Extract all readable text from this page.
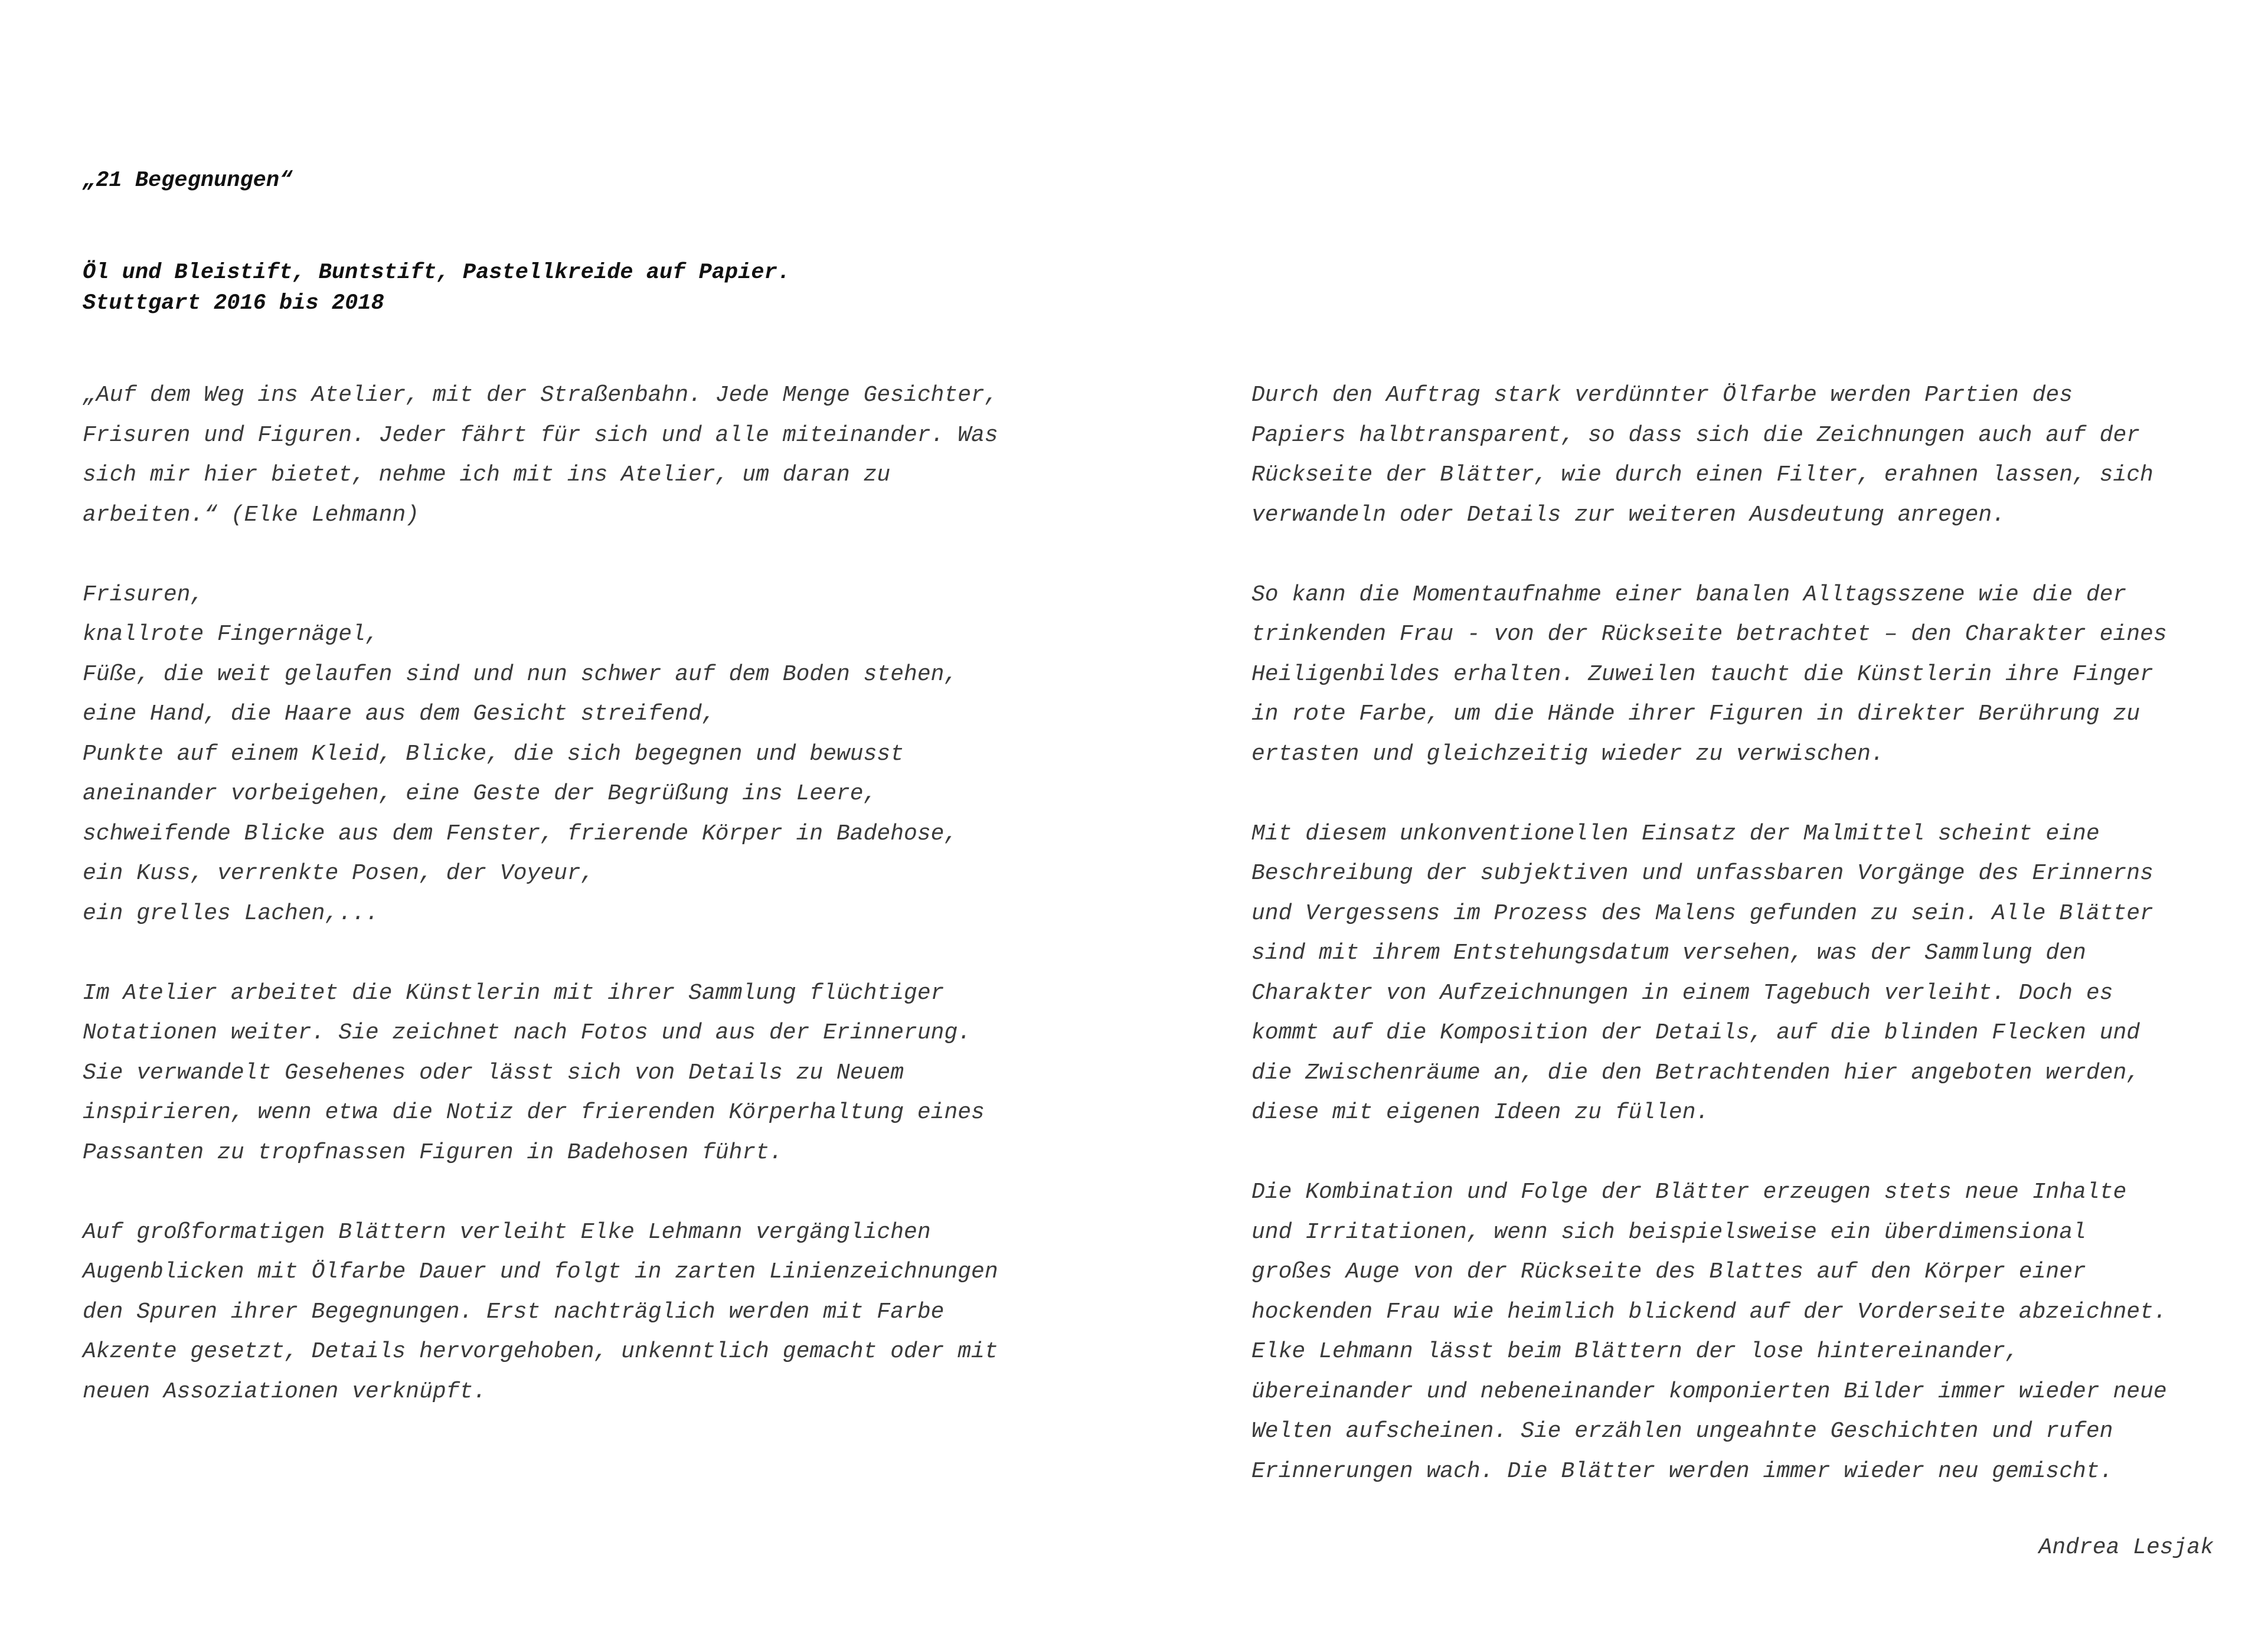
„21 Begegnungen“

Öl und Bleistift, Buntstift, Pastellkreide auf Papier.
Stuttgart 2016 bis 2018

„Auf dem Weg ins Atelier, mit der Straßenbahn. Jede Menge Gesichter,
Frisuren und Figuren. Jeder fährt für sich und alle miteinander. Was
sich mir hier bietet, nehme ich mit ins Atelier, um daran zu
arbeiten.“ (Elke Lehmann)

Frisuren,
knallrote Fingernägel,
Füße, die weit gelaufen sind und nun schwer auf dem Boden stehen,
eine Hand, die Haare aus dem Gesicht streifend,
Punkte auf einem Kleid, Blicke, die sich begegnen und bewusst
aneinander vorbeigehen, eine Geste der Begrüßung ins Leere,
schweifende Blicke aus dem Fenster, frierende Körper in Badehose,
ein Kuss, verrenkte Posen, der Voyeur,
ein grelles Lachen,...

Im Atelier arbeitet die Künstlerin mit ihrer Sammlung flüchtiger
Notationen weiter. Sie zeichnet nach Fotos und aus der Erinnerung.
Sie verwandelt Gesehenes oder lässt sich von Details zu Neuem
inspirieren, wenn etwa die Notiz der frierenden Körperhaltung eines
Passanten zu tropfnassen Figuren in Badehosen führt.

Auf großformatigen Blättern verleiht Elke Lehmann vergänglichen
Augenblicken mit Ölfarbe Dauer und folgt in zarten Linienzeichnungen
den Spuren ihrer Begegnungen. Erst nachträglich werden mit Farbe
Akzente gesetzt, Details hervorgehoben, unkenntlich gemacht oder mit
neuen Assoziationen verknüpft.

Durch den Auftrag stark verdünnter Ölfarbe werden Partien des
Papiers halbtransparent, so dass sich die Zeichnungen auch auf der
Rückseite der Blätter, wie durch einen Filter, erahnen lassen, sich
verwandeln oder Details zur weiteren Ausdeutung anregen.

So kann die Momentaufnahme einer banalen Alltagsszene wie die der
trinkenden Frau - von der Rückseite betrachtet – den Charakter eines
Heiligenbildes erhalten. Zuweilen taucht die Künstlerin ihre Finger
in rote Farbe, um die Hände ihrer Figuren in direkter Berührung zu
ertasten und gleichzeitig wieder zu verwischen.

Mit diesem unkonventionellen Einsatz der Malmittel scheint eine
Beschreibung der subjektiven und unfassbaren Vorgänge des Erinnerns
und Vergessens im Prozess des Malens gefunden zu sein. Alle Blätter
sind mit ihrem Entstehungsdatum versehen, was der Sammlung den
Charakter von Aufzeichnungen in einem Tagebuch verleiht. Doch es
kommt auf die Komposition der Details, auf die blinden Flecken und
die Zwischenräume an, die den Betrachtenden hier angeboten werden,
diese mit eigenen Ideen zu füllen.

Die Kombination und Folge der Blätter erzeugen stets neue Inhalte
und Irritationen, wenn sich beispielsweise ein überdimensional
großes Auge von der Rückseite des Blattes auf den Körper einer
hockenden Frau wie heimlich blickend auf der Vorderseite abzeichnet.
Elke Lehmann lässt beim Blättern der lose hintereinander,
übereinander und nebeneinander komponierten Bilder immer wieder neue
Welten aufscheinen. Sie erzählen ungeahnte Geschichten und rufen
Erinnerungen wach. Die Blätter werden immer wieder neu gemischt.

Andrea Lesjak
